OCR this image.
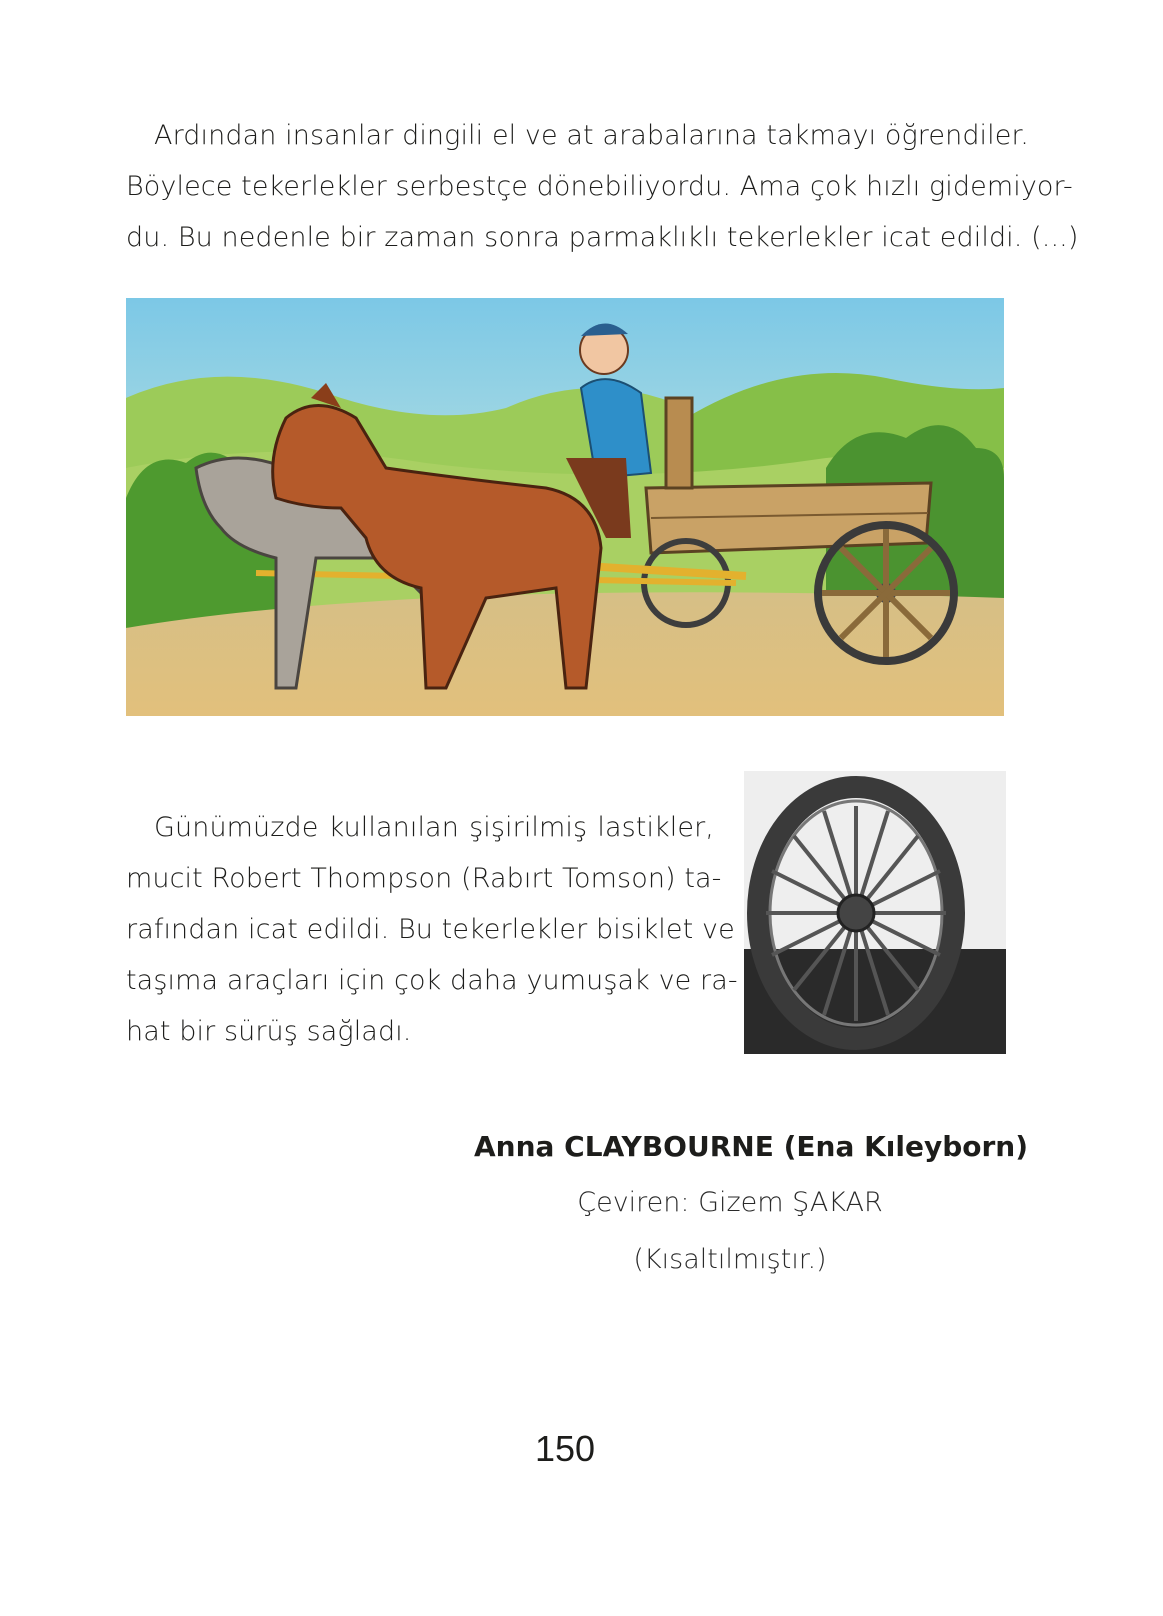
Ardından insanlar dingili el ve at arabalarına takmayı öğrendiler.
Böylece tekerlekler serbestçe dönebiliyordu. Ama çok hızlı gidemiyor-
du. Bu nedenle bir zaman sonra parmaklıklı tekerlekler icat edildi. (...)
Günümüzde kullanılan şişirilmiş lastikler,
mucit Robert Thompson (Rabırt Tomson) ta-
rafından icat edildi. Bu tekerlekler bisiklet ve
taşıma araçları için çok daha yumuşak ve ra-
hat bir sürüş sağladı.
Anna CLAYBOURNE (Ena Kıleyborn)
Çeviren: Gizem ŞAKAR
(Kısaltılmıştır.)
150
